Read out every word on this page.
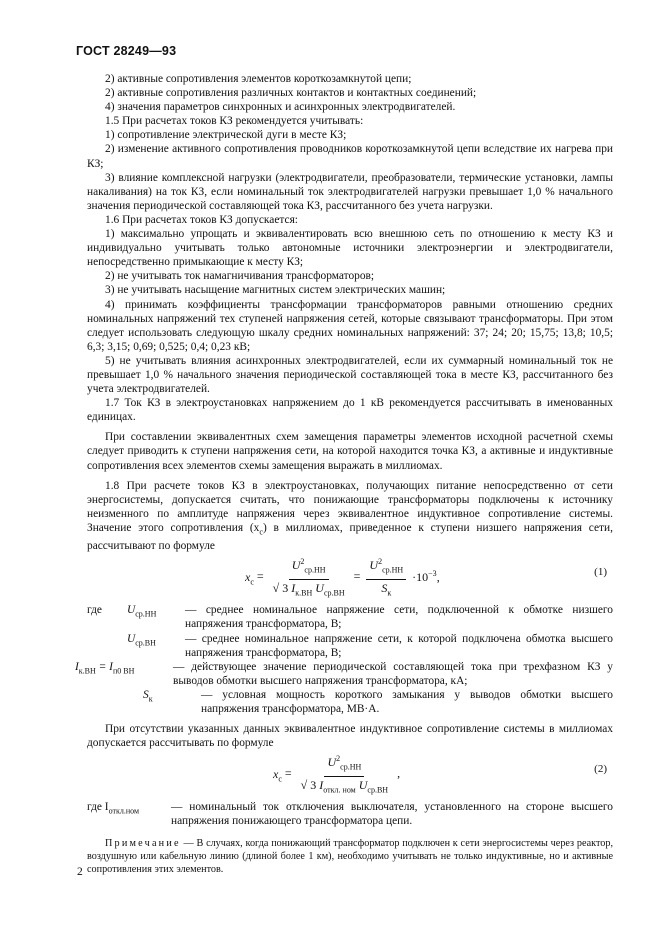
ГОСТ 28249—93

2) активные сопротивления элементов короткозамкнутой цепи;

2) активные сопротивления различных контактов и контактных соединений;

4) значения параметров синхронных и асинхронных электродвигателей.

1.5 При расчетах токов КЗ рекомендуется учитывать:

1) сопротивление электрической дуги в месте КЗ;

2) изменение активного сопротивления проводников короткозамкнутой цепи вследствие их нагрева при КЗ;

3) влияние комплексной нагрузки (электродвигатели, преобразователи, термические установки, лампы накаливания) на ток КЗ, если номинальный ток электродвигателей нагрузки превышает 1,0 % начального значения периодической составляющей тока КЗ, рассчитанного без учета нагрузки.

1.6 При расчетах токов КЗ допускается:

1) максимально упрощать и эквивалентировать всю внешнюю сеть по отношению к месту КЗ и индивидуально учитывать только автономные источники электроэнергии и электродвигатели, непосредственно примыкающие к месту КЗ;

2) не учитывать ток намагничивания трансформаторов;

3) не учитывать насыщение магнитных систем электрических машин;

4) принимать коэффициенты трансформации трансформаторов равными отношению средних номинальных напряжений тех ступеней напряжения сетей, которые связывают трансформаторы. При этом следует использовать следующую шкалу средних номинальных напряжений: 37; 24; 20; 15,75; 13,8; 10,5; 6,3; 3,15; 0,69; 0,525; 0,4; 0,23 кВ;

5) не учитывать влияния асинхронных электродвигателей, если их суммарный номинальный ток не превышает 1,0 % начального значения периодической составляющей тока в месте КЗ, рассчитанного без учета электродвигателей.

1.7 Ток КЗ в электроустановках напряжением до 1 кВ рекомендуется рассчитывать в именованных единицах.

При составлении эквивалентных схем замещения параметры элементов исходной расчетной схемы следует приводить к ступени напряжения сети, на которой находится точка КЗ, а активные и индуктивные сопротивления всех элементов схемы замещения выражать в миллиомах.

1.8 При расчете токов КЗ в электроустановках, получающих питание непосредственно от сети энергосистемы, допускается считать, что понижающие трансформаторы подключены к источнику неизменного по амплитуде напряжения через эквивалентное индуктивное сопротивление системы. Значение этого сопротивления $(x_c)$ в миллиомах, приведенное к ступени низшего напряжения сети, рассчитывают по формуле

$x_c = \frac{U^2_{ср.НН}}{√ 3 I_{к.ВН} U_{ср.ВН}} = \frac{U^2_{ср.НН}}{S_к} \cdot 10^{-3}$,	(1)
где	$U_{ср.НН}$	— среднее номинальное напряжение сети, подключенной к обмотке низшего напряжения трансформатора, В;
$U_{ср.ВН}$	— среднее номинальное напряжение сети, к которой подключена обмотка высшего напряжения трансформатора, В;
$I_{к.ВН} = I_{п0 ВН}$	— действующее значение периодической составляющей тока при трехфазном КЗ у выводов обмотки высшего напряжения трансформатора, кА;
$S_к$	— условная мощность короткого замыкания у выводов обмотки высшего напряжения трансформатора, МВ·А.

При отсутствии указанных данных эквивалентное индуктивное сопротивление системы в миллиомах допускается рассчитывать по формуле

$x_c = \frac{U^2_{ср.НН}}{√ 3 I_{откл. ном} U_{ср.ВН}}$ ,	(2)
где $I_{откл.ном}$	— номинальный ток отключения выключателя, установленного на стороне высшего напряжения понижающего трансформатора цепи.

Примечание — В случаях, когда понижающий трансформатор подключен к сети энергосистемы через реактор, воздушную или кабельную линию (длиной более 1 км), необходимо учитывать не только индуктивные, но и активные сопротивления этих элементов.

2
